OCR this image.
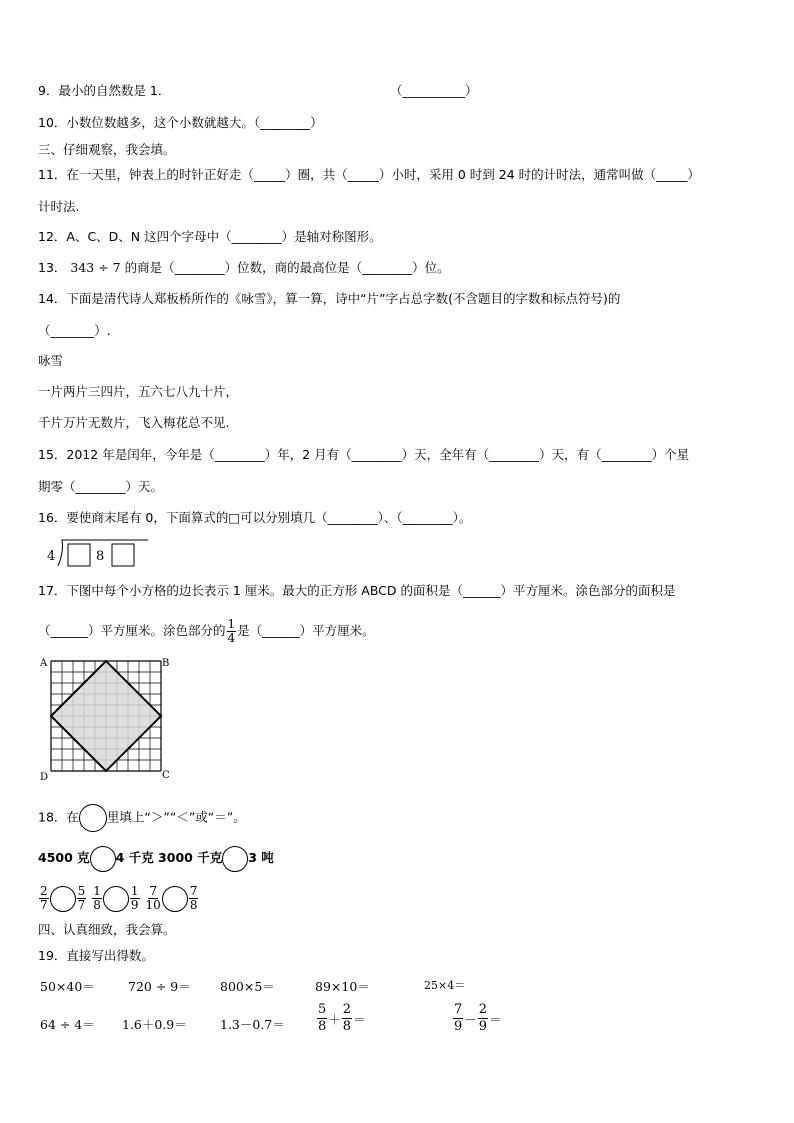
9．最小的自然数是 1．	（__________）
10．小数位数越多，这个小数就越大。（________）
三、仔细观察，我会填。
11．在一天里，钟表上的时针正好走（_____）圈，共（_____）小时，采用 0 时到 24 时的计时法，通常叫做（_____）
计时法.
12．A、C、D、N 这四个字母中（________）是轴对称图形。
13． 343 ÷ 7 的商是（________）位数，商的最高位是（________）位。
14．下面是清代诗人郑板桥所作的《咏雪》，算一算，诗中“片”字占总字数(不含题目的字数和标点符号)的
（_______）.
咏雪
一片两片三四片，五六七八九十片，
千片万片无数片，飞入梅花总不见.
15．2012 年是闰年，今年是（________）年，2 月有（________）天，全年有（________）天，有（________）个星
期零（________）天。
16．要使商末尾有 0，下面算式的□可以分别填几（________）、（________）。
4	8
17．下图中每个小方格的边长表示 1 厘米。最大的正方形 ABCD 的面积是（______）平方厘米。涂色部分的面积是
（______）平方厘米。涂色部分的 $\frac{1}{4}$ 是（______）平方厘米。
A	B
C
D
18．在 里填上“＞”“＜”或“＝”。
4500 克 4 千克 3000 千克 3 吨
$\frac{2}{7} \frac{5}{7}$
$\frac{1}{8} \frac{1}{9}$
$\frac{7}{10} \frac{7}{8}$
四、认真细致，我会算。
19．直接写出得数。
50×40＝	720 ÷ 9＝ 800×5＝	89×10＝	25×4＝
64 ÷ 4＝ 1.6＋0.9＝	$1.3-0.7= \frac{5}{8} + \frac{2}{8}$ ＝	$\frac{7}{9} - \frac{2}{9}$ ＝
